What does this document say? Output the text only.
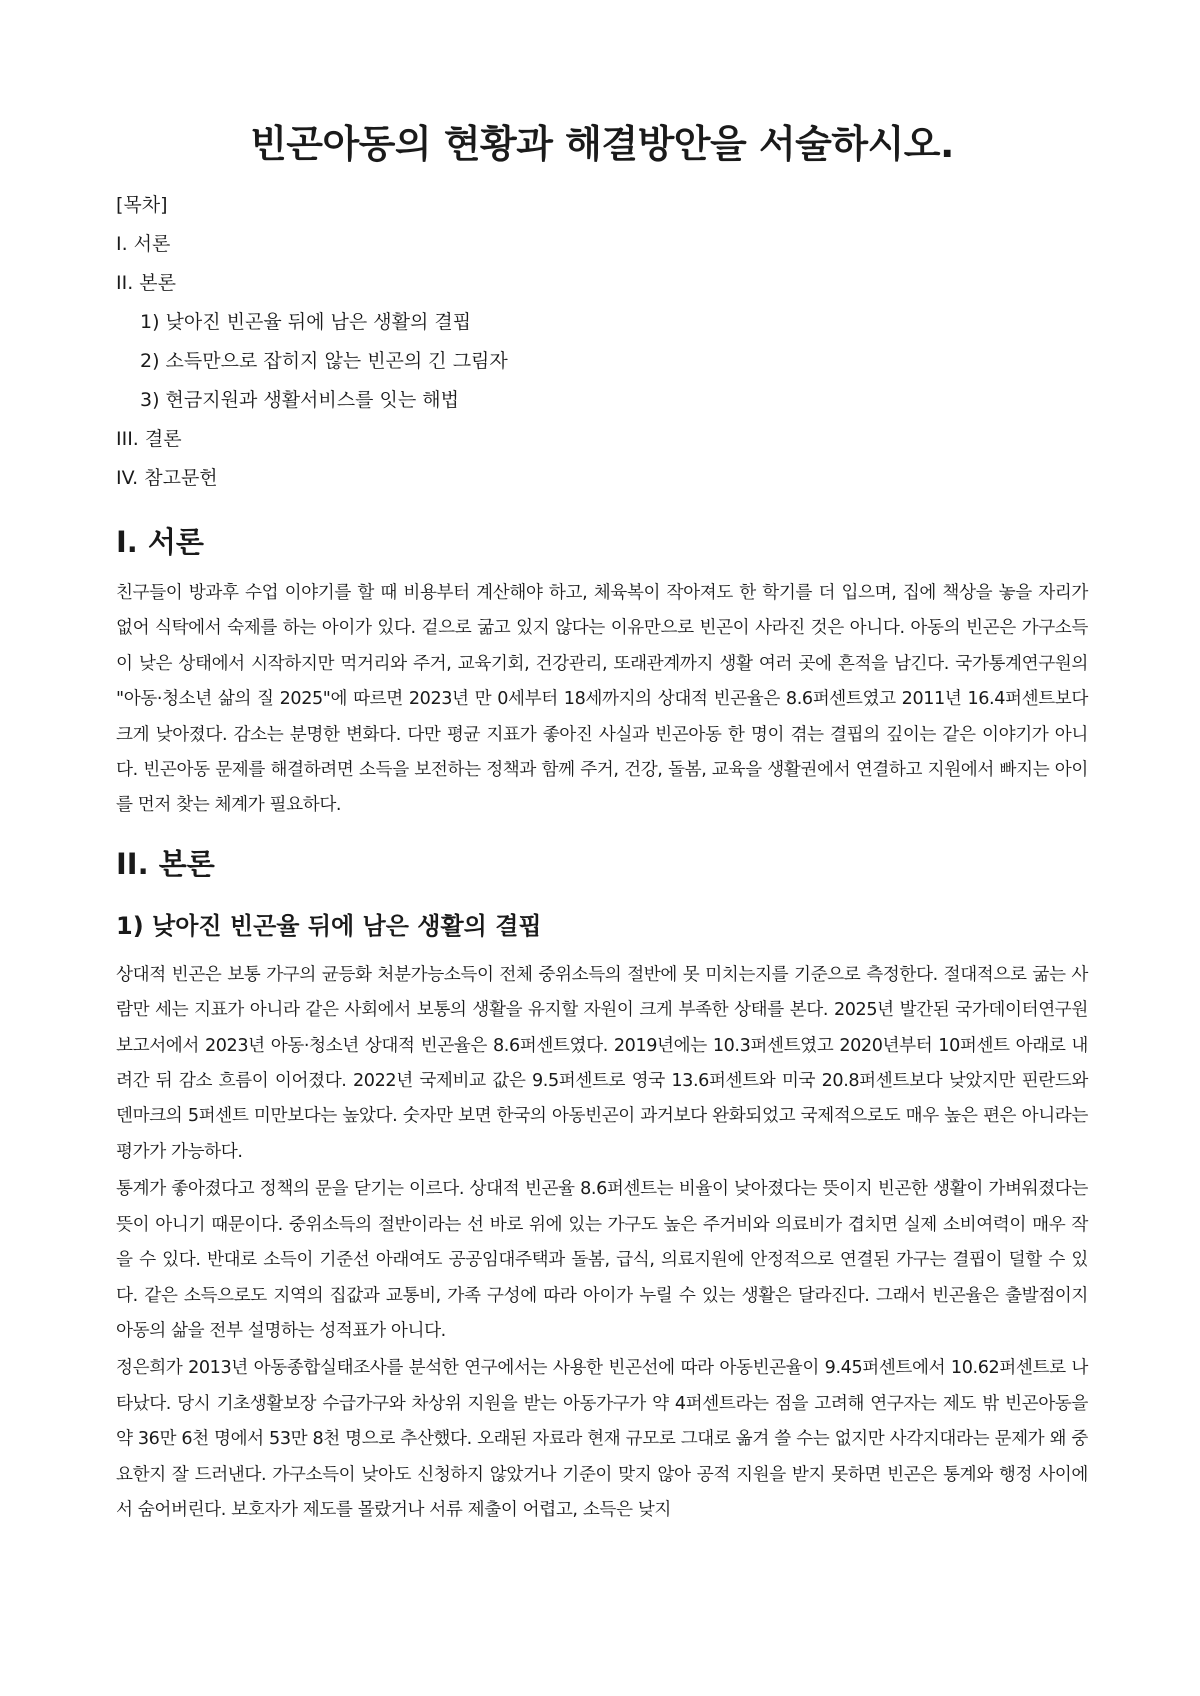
빈곤아동의 현황과 해결방안을 서술하시오.
[목차]
I. 서론
II. 본론
1) 낮아진 빈곤율 뒤에 남은 생활의 결핍
2) 소득만으로 잡히지 않는 빈곤의 긴 그림자
3) 현금지원과 생활서비스를 잇는 해법
III. 결론
IV. 참고문헌
I. 서론

친구들이 방과후 수업 이야기를 할 때 비용부터 계산해야 하고, 체육복이 작아져도 한 학기를 더 입으며, 집에 책상을 놓을 자리가 없어 식탁에서 숙제를 하는 아이가 있다. 겉으로 굶고 있지 않다는 이유만으로 빈곤이 사라진 것은 아니다. 아동의 빈곤은 가구소득이 낮은 상태에서 시작하지만 먹거리와 주거, 교육기회, 건강관리, 또래관계까지 생활 여러 곳에 흔적을 남긴다. 국가통계연구원의 "아동·청소년 삶의 질 2025"에 따르면 2023년 만 0세부터 18세까지의 상대적 빈곤율은 8.6퍼센트였고 2011년 16.4퍼센트보다 크게 낮아졌다. 감소는 분명한 변화다. 다만 평균 지표가 좋아진 사실과 빈곤아동 한 명이 겪는 결핍의 깊이는 같은 이야기가 아니다. 빈곤아동 문제를 해결하려면 소득을 보전하는 정책과 함께 주거, 건강, 돌봄, 교육을 생활권에서 연결하고 지원에서 빠지는 아이를 먼저 찾는 체계가 필요하다.

II. 본론
1) 낮아진 빈곤율 뒤에 남은 생활의 결핍

상대적 빈곤은 보통 가구의 균등화 처분가능소득이 전체 중위소득의 절반에 못 미치는지를 기준으로 측정한다. 절대적으로 굶는 사람만 세는 지표가 아니라 같은 사회에서 보통의 생활을 유지할 자원이 크게 부족한 상태를 본다. 2025년 발간된 국가데이터연구원 보고서에서 2023년 아동·청소년 상대적 빈곤율은 8.6퍼센트였다. 2019년에는 10.3퍼센트였고 2020년부터 10퍼센트 아래로 내려간 뒤 감소 흐름이 이어졌다. 2022년 국제비교 값은 9.5퍼센트로 영국 13.6퍼센트와 미국 20.8퍼센트보다 낮았지만 핀란드와 덴마크의 5퍼센트 미만보다는 높았다. 숫자만 보면 한국의 아동빈곤이 과거보다 완화되었고 국제적으로도 매우 높은 편은 아니라는 평가가 가능하다.

통계가 좋아졌다고 정책의 문을 닫기는 이르다. 상대적 빈곤율 8.6퍼센트는 비율이 낮아졌다는 뜻이지 빈곤한 생활이 가벼워졌다는 뜻이 아니기 때문이다. 중위소득의 절반이라는 선 바로 위에 있는 가구도 높은 주거비와 의료비가 겹치면 실제 소비여력이 매우 작을 수 있다. 반대로 소득이 기준선 아래여도 공공임대주택과 돌봄, 급식, 의료지원에 안정적으로 연결된 가구는 결핍이 덜할 수 있다. 같은 소득으로도 지역의 집값과 교통비, 가족 구성에 따라 아이가 누릴 수 있는 생활은 달라진다. 그래서 빈곤율은 출발점이지 아동의 삶을 전부 설명하는 성적표가 아니다.

정은희가 2013년 아동종합실태조사를 분석한 연구에서는 사용한 빈곤선에 따라 아동빈곤율이 9.45퍼센트에서 10.62퍼센트로 나타났다. 당시 기초생활보장 수급가구와 차상위 지원을 받는 아동가구가 약 4퍼센트라는 점을 고려해 연구자는 제도 밖 빈곤아동을 약 36만 6천 명에서 53만 8천 명으로 추산했다. 오래된 자료라 현재 규모로 그대로 옮겨 쓸 수는 없지만 사각지대라는 문제가 왜 중요한지 잘 드러낸다. 가구소득이 낮아도 신청하지 않았거나 기준이 맞지 않아 공적 지원을 받지 못하면 빈곤은 통계와 행정 사이에서 숨어버린다. 보호자가 제도를 몰랐거나 서류 제출이 어렵고, 소득은 낮지
